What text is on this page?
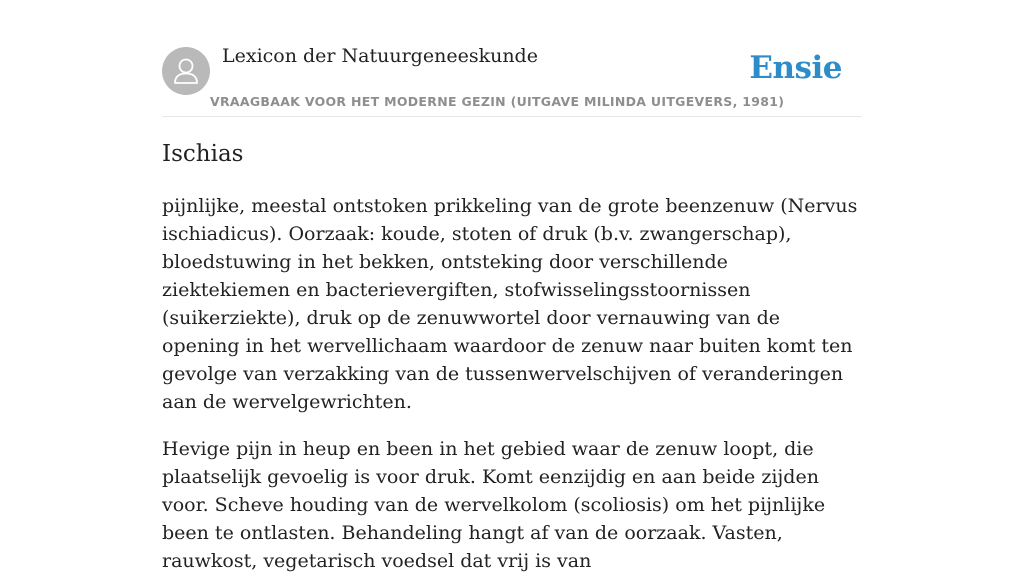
Lexicon der Natuurgeneeskunde
VRAAGBAAK VOOR HET MODERNE GEZIN (UITGAVE MILINDA UITGEVERS, 1981)
Ensie
Ischias

pijnlijke, meestal ontstoken prikkeling van de grote beenzenuw (Nervus ischiadicus). Oorzaak: koude, stoten of druk (b.v. zwangerschap), bloedstuwing in het bekken, ontsteking door verschillende ziektekiemen en bacterievergiften, stofwisselingsstoornissen (suikerziekte), druk op de zenuwwortel door vernauwing van de opening in het wervellichaam waardoor de zenuw naar buiten komt ten gevolge van verzakking van de tussenwervelschijven of veranderingen aan de wervelgewrichten.

Hevige pijn in heup en been in het gebied waar de zenuw loopt, die plaatselijk gevoelig is voor druk. Komt eenzijdig en aan beide zijden voor. Scheve houding van de wervelkolom (scoliosis) om het pijnlijke been te ontlasten. Behandeling hangt af van de oorzaak. Vasten, rauwkost, vegetarisch voedsel dat vrij is van
